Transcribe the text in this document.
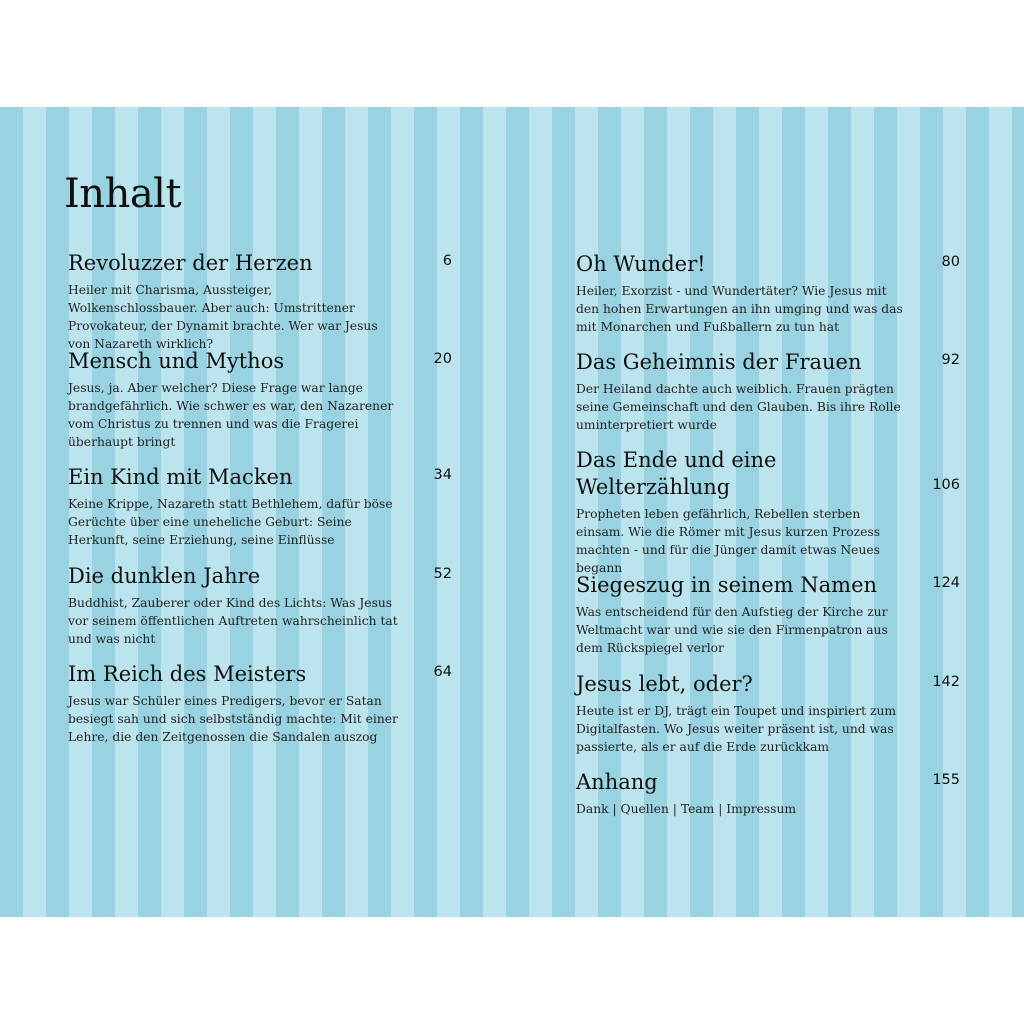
Inhalt
Revoluzzer der Herzen	6
Heiler mit Charisma, Aussteiger, Wolkenschlossbauer. Aber auch: Umstrittener Provokateur, der Dynamit brachte. Wer war Jesus von Nazareth wirklich?
Mensch und Mythos	20
Jesus, ja. Aber welcher? Diese Frage war lange brandgefährlich. Wie schwer es war, den Nazarener vom Christus zu trennen und was die Fragerei überhaupt bringt
Ein Kind mit Macken	34
Keine Krippe, Nazareth statt Bethlehem, dafür böse Gerüchte über eine uneheliche Geburt: Seine Herkunft, seine Erziehung, seine Einflüsse
Die dunklen Jahre	52
Buddhist, Zauberer oder Kind des Lichts: Was Jesus vor seinem öffentlichen Auftreten wahrscheinlich tat und was nicht
Im Reich des Meisters	64
Jesus war Schüler eines Predigers, bevor er Satan besiegt sah und sich selbstständig machte: Mit einer Lehre, die den Zeitgenossen die Sandalen auszog
Oh Wunder!	80
Heiler, Exorzist - und Wundertäter? Wie Jesus mit den hohen Erwartungen an ihn umging und was das mit Monarchen und Fußballern zu tun hat
Das Geheimnis der Frauen	92
Der Heiland dachte auch weiblich. Frauen prägten seine Gemeinschaft und den Glauben. Bis ihre Rolle uminterpretiert wurde
Das Ende und eine Welterzählung	106
Propheten leben gefährlich, Rebellen sterben einsam. Wie die Römer mit Jesus kurzen Prozess machten - und für die Jünger damit etwas Neues begann
Siegeszug in seinem Namen	124
Was entscheidend für den Aufstieg der Kirche zur Weltmacht war und wie sie den Firmenpatron aus dem Rückspiegel verlor
Jesus lebt, oder?	142
Heute ist er DJ, trägt ein Toupet und inspiriert zum Digitalfasten. Wo Jesus weiter präsent ist, und was passierte, als er auf die Erde zurückkam
Anhang	155
Dank | Quellen | Team | Impressum
